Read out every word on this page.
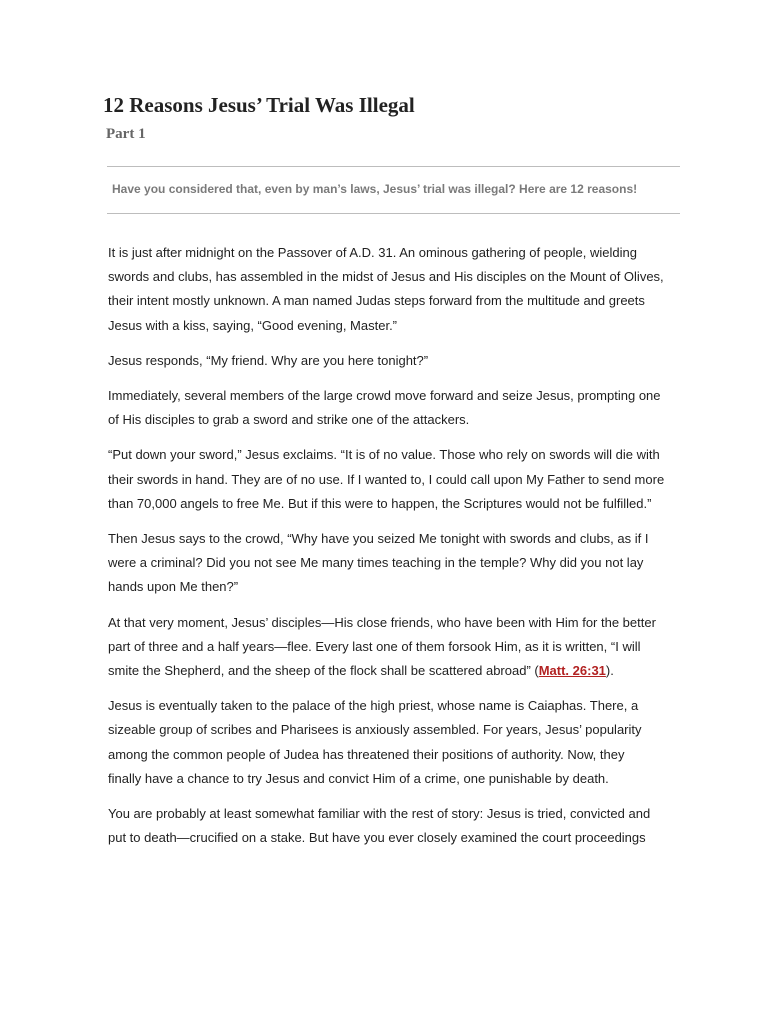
12 Reasons Jesus’ Trial Was Illegal
Part 1

Have you considered that, even by man’s laws, Jesus’ trial was illegal? Here are 12 reasons!

It is just after midnight on the Passover of A.D. 31. An ominous gathering of people, wielding
swords and clubs, has assembled in the midst of Jesus and His disciples on the Mount of Olives,
their intent mostly unknown. A man named Judas steps forward from the multitude and greets
Jesus with a kiss, saying, “Good evening, Master.”

Jesus responds, “My friend. Why are you here tonight?”

Immediately, several members of the large crowd move forward and seize Jesus, prompting one
of His disciples to grab a sword and strike one of the attackers.

“Put down your sword,” Jesus exclaims. “It is of no value. Those who rely on swords will die with
their swords in hand. They are of no use. If I wanted to, I could call upon My Father to send more
than 70,000 angels to free Me. But if this were to happen, the Scriptures would not be fulfilled.”

Then Jesus says to the crowd, “Why have you seized Me tonight with swords and clubs, as if I
were a criminal? Did you not see Me many times teaching in the temple? Why did you not lay
hands upon Me then?”

At that very moment, Jesus’ disciples—His close friends, who have been with Him for the better
part of three and a half years—flee. Every last one of them forsook Him, as it is written, “I will
smite the Shepherd, and the sheep of the flock shall be scattered abroad” (Matt. 26:31).

Jesus is eventually taken to the palace of the high priest, whose name is Caiaphas. There, a
sizeable group of scribes and Pharisees is anxiously assembled. For years, Jesus’ popularity
among the common people of Judea has threatened their positions of authority. Now, they
finally have a chance to try Jesus and convict Him of a crime, one punishable by death.

You are probably at least somewhat familiar with the rest of story: Jesus is tried, convicted and
put to death—crucified on a stake. But have you ever closely examined the court proceedings
